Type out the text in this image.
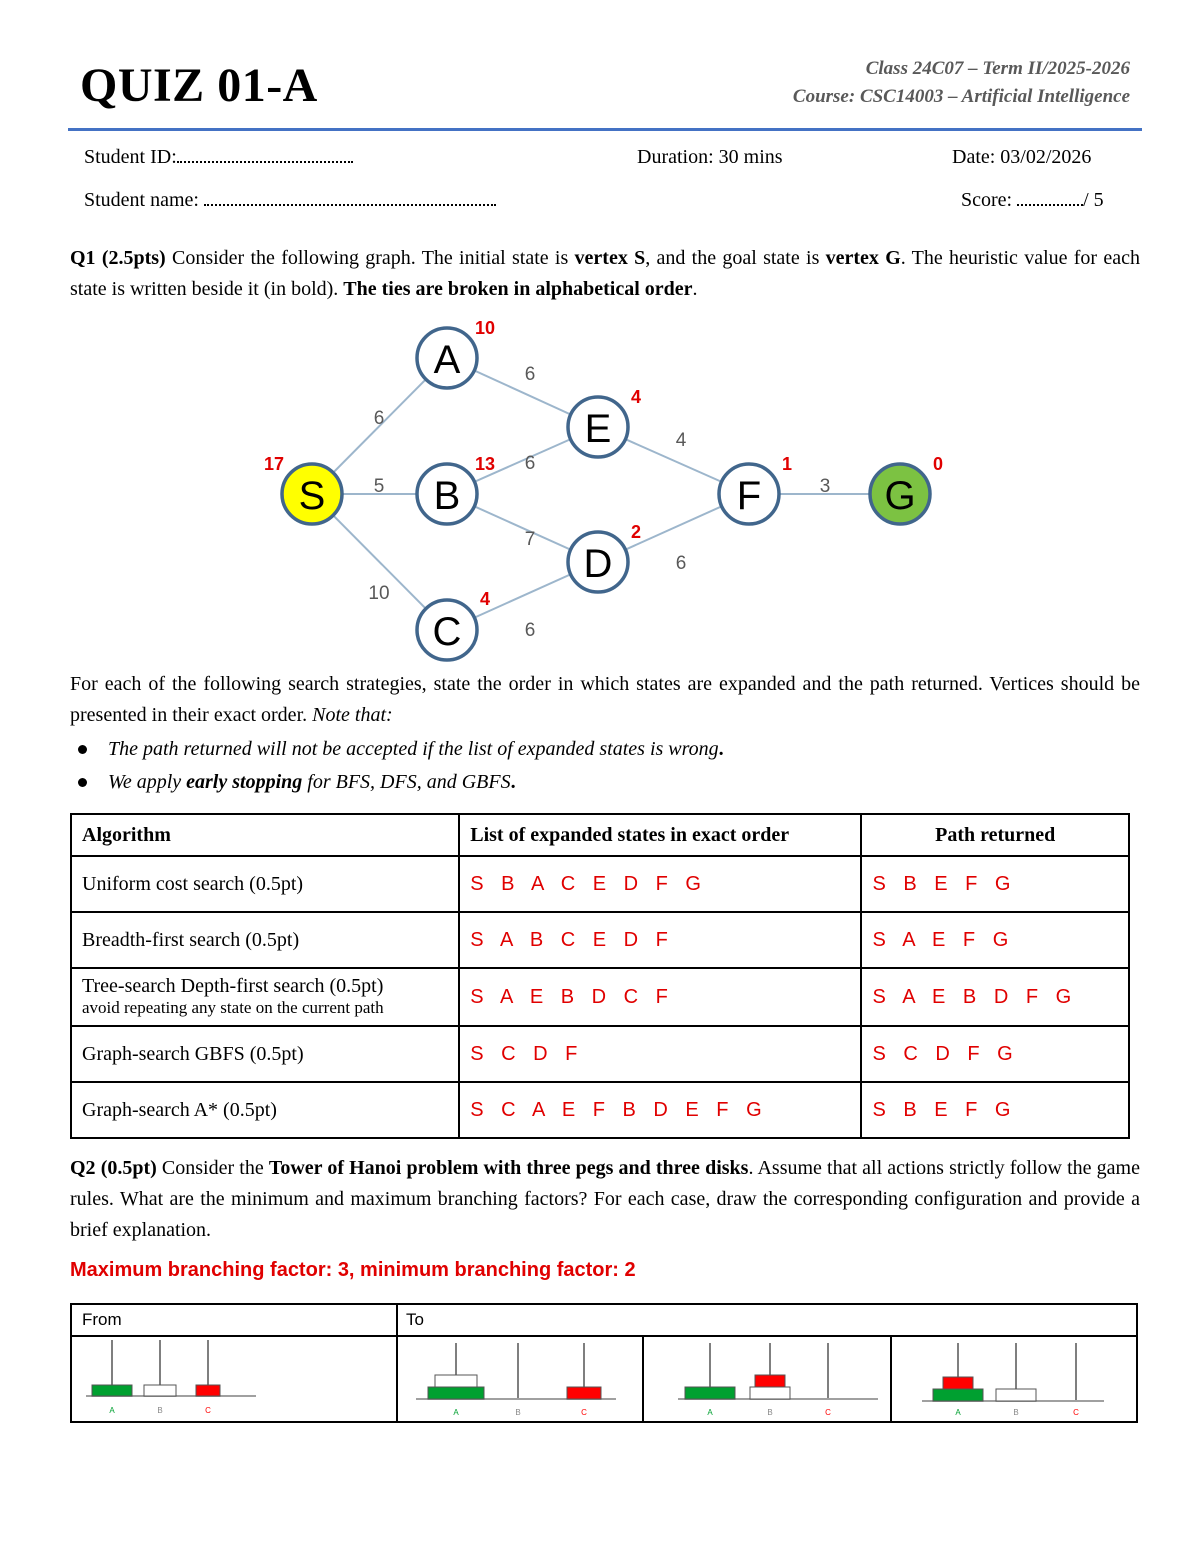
QUIZ 01-A	Class 24C07 – Term II/2025-2026
Course: CSC14003 – Artificial Intelligence
Student ID:	Duration: 30 mins	Date: 03/02/2026
Student name:	Score:	/ 5
Q1 (2.5pts) Consider the following graph. The initial state is vertex S, and the goal state is vertex G. The heuristic value for each state is written beside it (in bold). The ties are broken in alphabetical order.
6
5
10
6
6
7
6
4
6
3
S
17
A
10
B
13
C
4
D
2
E
4
F
1
G
0
For each of the following search strategies, state the order in which states are expanded and the path returned. Vertices should be presented in their exact order. Note that:
The path returned will not be accepted if the list of expanded states is wrong.
We apply early stopping for BFS, DFS, and GBFS.
Algorithm	List of expanded states in exact order	Path returned
Uniform cost search (0.5pt)	S B A C E D F G	S B E F G
Breadth-first search (0.5pt)	S A B C E D F	S A E F G

Tree-search Depth-first search (0.5pt)
avoid repeating any state on the current path	S A E B D C F	S A E B D F G
Graph-search GBFS (0.5pt)	S C D F	S C D F G
Graph-search A* (0.5pt)	S C A E F B D E F G	S B E F G
Q2 (0.5pt) Consider the Tower of Hanoi problem with three pegs and three disks. Assume that all actions strictly follow the game rules. What are the minimum and maximum branching factors? For each case, draw the corresponding configuration and provide a brief explanation.
Maximum branching factor: 3, minimum branching factor: 2
From	To
A	B	C	A	B	C	A	B	C	A	B	C
